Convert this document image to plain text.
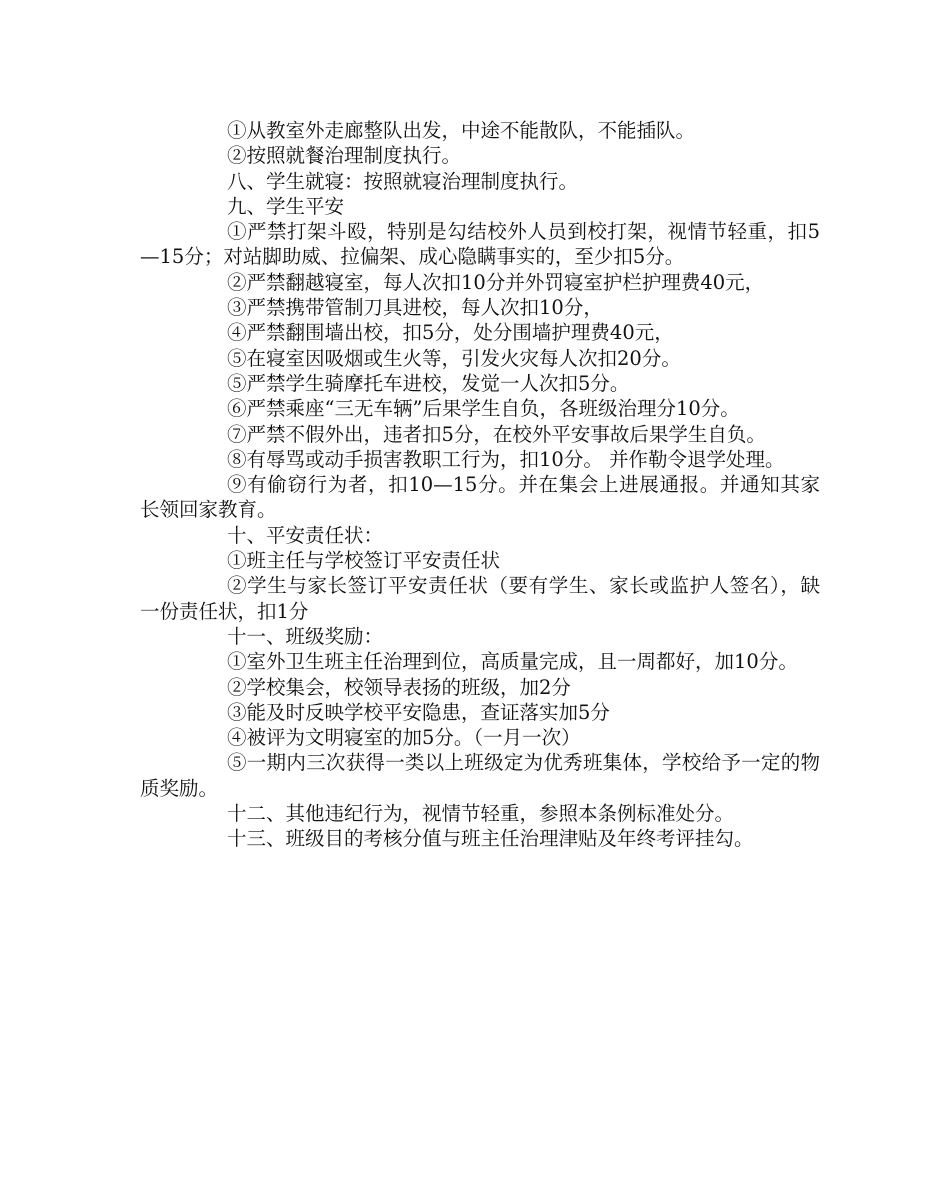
①从教室外走廊整队出发，中途不能散队，不能插队。

②按照就餐治理制度执行。

八、学生就寝：按照就寝治理制度执行。

九、学生平安

①严禁打架斗殴，特别是勾结校外人员到校打架，视情节轻重，扣5—15分；对站脚助威、拉偏架、成心隐瞒事实的，至少扣5分。

②严禁翻越寝室，每人次扣10分并外罚寝室护栏护理费40元，

③严禁携带管制刀具进校，每人次扣10分，

④严禁翻围墙出校，扣5分，处分围墙护理费40元，

⑤在寝室因吸烟或生火等，引发火灾每人次扣20分。

⑤严禁学生骑摩托车进校，发觉一人次扣5分。

⑥严禁乘座“三无车辆”后果学生自负，各班级治理分10分。

⑦严禁不假外出，违者扣5分，在校外平安事故后果学生自负。

⑧有辱骂或动手损害教职工行为，扣10分。 并作勒令退学处理。

⑨有偷窃行为者，扣10—15分。并在集会上进展通报。并通知其家长领回家教育。

十、平安责任状：

①班主任与学校签订平安责任状

②学生与家长签订平安责任状（要有学生、家长或监护人签名），缺一份责任状，扣1分

十一、班级奖励：

①室外卫生班主任治理到位，高质量完成，且一周都好，加10分。

②学校集会，校领导表扬的班级，加2分

③能及时反映学校平安隐患，查证落实加5分

④被评为文明寝室的加5分。（一月一次）

⑤一期内三次获得一类以上班级定为优秀班集体，学校给予一定的物质奖励。

十二、其他违纪行为，视情节轻重，参照本条例标准处分。

十三、班级目的考核分值与班主任治理津贴及年终考评挂勾。
